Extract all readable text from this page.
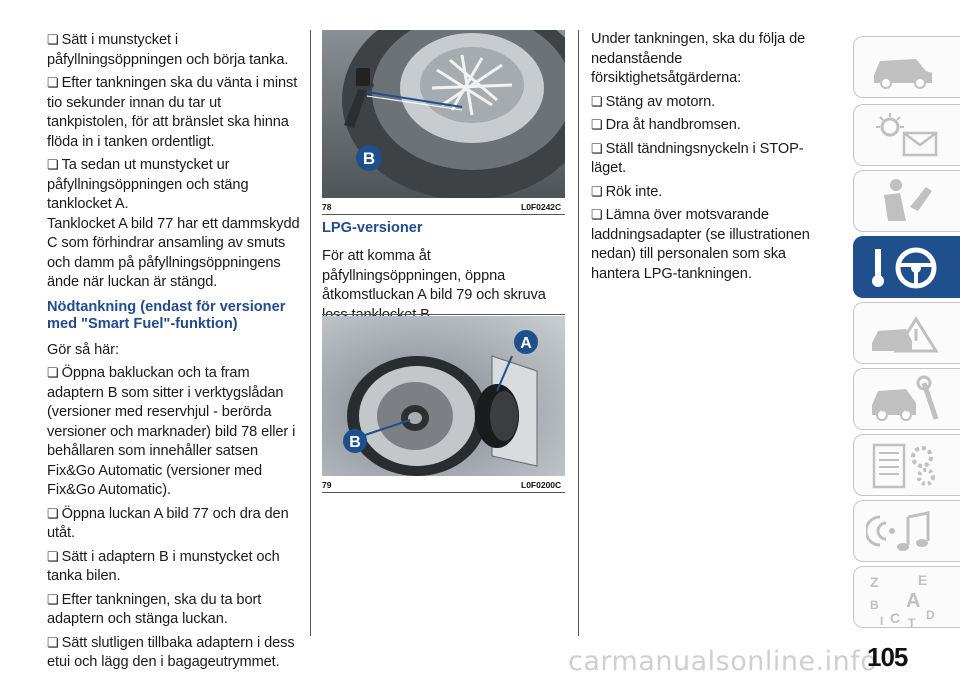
❏ Sätt i munstycket i påfyllningsöppningen och börja tanka.

❏ Efter tankningen ska du vänta i minst tio sekunder innan du tar ut tankpistolen, för att bränslet ska hinna flöda in i tanken ordentligt.

❏ Ta sedan ut munstycket ur påfyllningsöppningen och stäng tanklocket A.

Tanklocket A bild 77 har ett dammskydd C som förhindrar ansamling av smuts och damm på påfyllningsöppningens ände när luckan är stängd.

Nödtankning (endast för versioner med "Smart Fuel"-funktion)

Gör så här:

❏ Öppna bakluckan och ta fram adaptern B som sitter i verktygslådan (versioner med reservhjul - berörda versioner och marknader) bild 78 eller i behållaren som innehåller satsen Fix&Go Automatic (versioner med Fix&Go Automatic).

❏ Öppna luckan A bild 77 och dra den utåt.

❏ Sätt i adaptern B i munstycket och tanka bilen.

❏ Efter tankningen, ska du ta bort adaptern och stänga luckan.

❏ Sätt slutligen tillbaka adaptern i dess etui och lägg den i bagageutrymmet.

B
78	L0F0242C
LPG-versioner

För att komma åt påfyllningsöppningen, öppna åtkomstluckan A bild 79 och skruva

A
B
79	L0F0200C

Under tankningen, ska du följa de nedanstående försiktighetsåtgärderna:

❏ Stäng av motorn.

❏ Dra åt handbromsen.

❏ Ställ tändningsnyckeln i STOP-läget.

❏ Rök inte.

❏ Lämna över motsvarande laddningsadapter (se illustrationen nedan) till personalen som ska hantera LPG-tankningen.

Z	E
A
B
C D
I T
carmanualsonline.info
105
